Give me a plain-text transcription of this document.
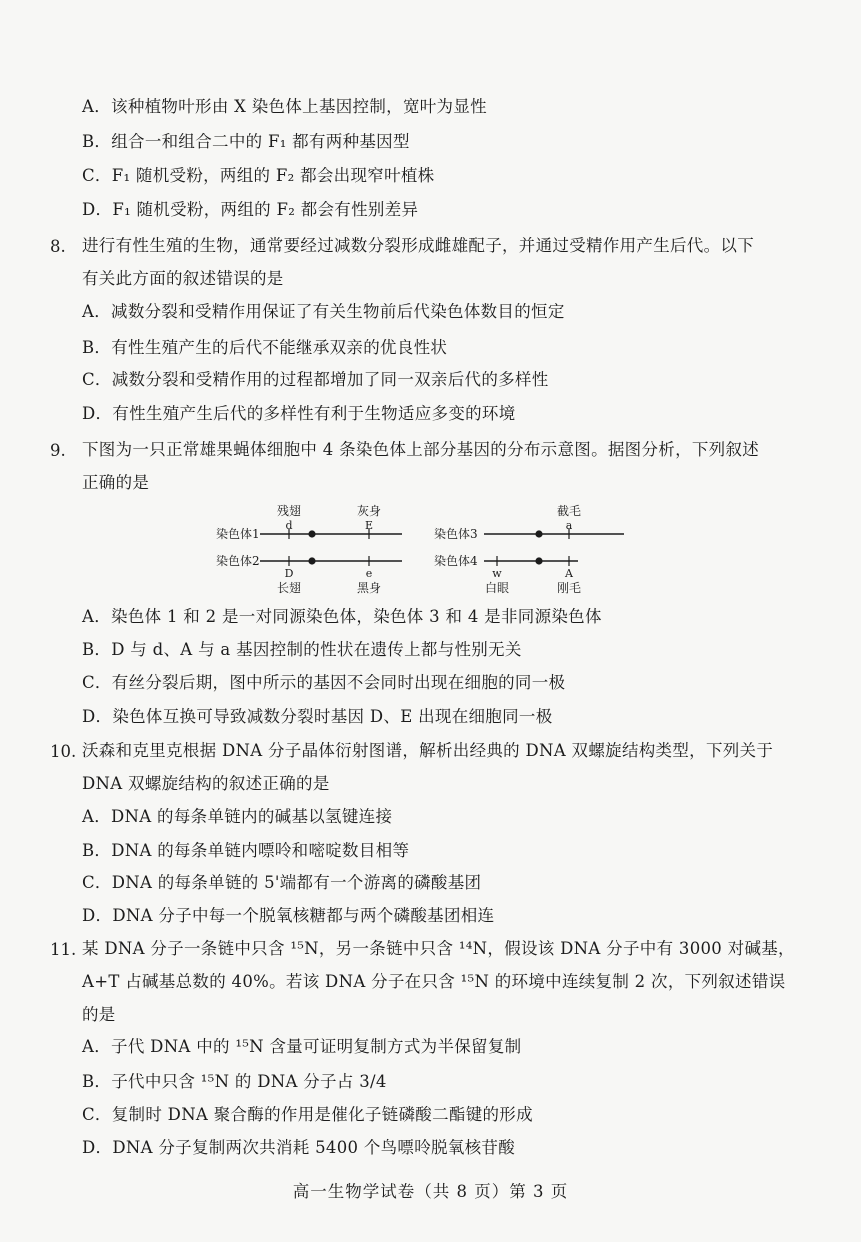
A．该种植物叶形由 X 染色体上基因控制，宽叶为显性
B．组合一和组合二中的 F₁ 都有两种基因型
C．F₁ 随机受粉，两组的 F₂ 都会出现窄叶植株
D．F₁ 随机受粉，两组的 F₂ 都会有性别差异
8. 进行有性生殖的生物，通常要经过减数分裂形成雌雄配子，并通过受精作用产生后代。以下
有关此方面的叙述错误的是
A．减数分裂和受精作用保证了有关生物前后代染色体数目的恒定
B．有性生殖产生的后代不能继承双亲的优良性状
C．减数分裂和受精作用的过程都增加了同一双亲后代的多样性
D．有性生殖产生后代的多样性有利于生物适应多变的环境
9. 下图为一只正常雄果蝇体细胞中 4 条染色体上部分基因的分布示意图。据图分析，下列叙述
正确的是
染色体1
残翅
d
灰身
E
染色体2
D
长翅
e
黑身
染色体3
截毛
a
染色体4
w
白眼
A
刚毛
A．染色体 1 和 2 是一对同源染色体，染色体 3 和 4 是非同源染色体
B．D 与 d、A 与 a 基因控制的性状在遗传上都与性别无关
C．有丝分裂后期，图中所示的基因不会同时出现在细胞的同一极
D．染色体互换可导致减数分裂时基因 D、E 出现在细胞同一极
10. 沃森和克里克根据 DNA 分子晶体衍射图谱，解析出经典的 DNA 双螺旋结构类型，下列关于
DNA 双螺旋结构的叙述正确的是
A．DNA 的每条单链内的碱基以氢键连接
B．DNA 的每条单链内嘌呤和嘧啶数目相等
C．DNA 的每条单链的 5'端都有一个游离的磷酸基团
D．DNA 分子中每一个脱氧核糖都与两个磷酸基团相连
11. 某 DNA 分子一条链中只含 ¹⁵N，另一条链中只含 ¹⁴N，假设该 DNA 分子中有 3000 对碱基，
A+T 占碱基总数的 40%。若该 DNA 分子在只含 ¹⁵N 的环境中连续复制 2 次，下列叙述错误
的是
A．子代 DNA 中的 ¹⁵N 含量可证明复制方式为半保留复制
B．子代中只含 ¹⁵N 的 DNA 分子占 3/4
C．复制时 DNA 聚合酶的作用是催化子链磷酸二酯键的形成
D．DNA 分子复制两次共消耗 5400 个鸟嘌呤脱氧核苷酸
高一生物学试卷（共 8 页）第 3 页
